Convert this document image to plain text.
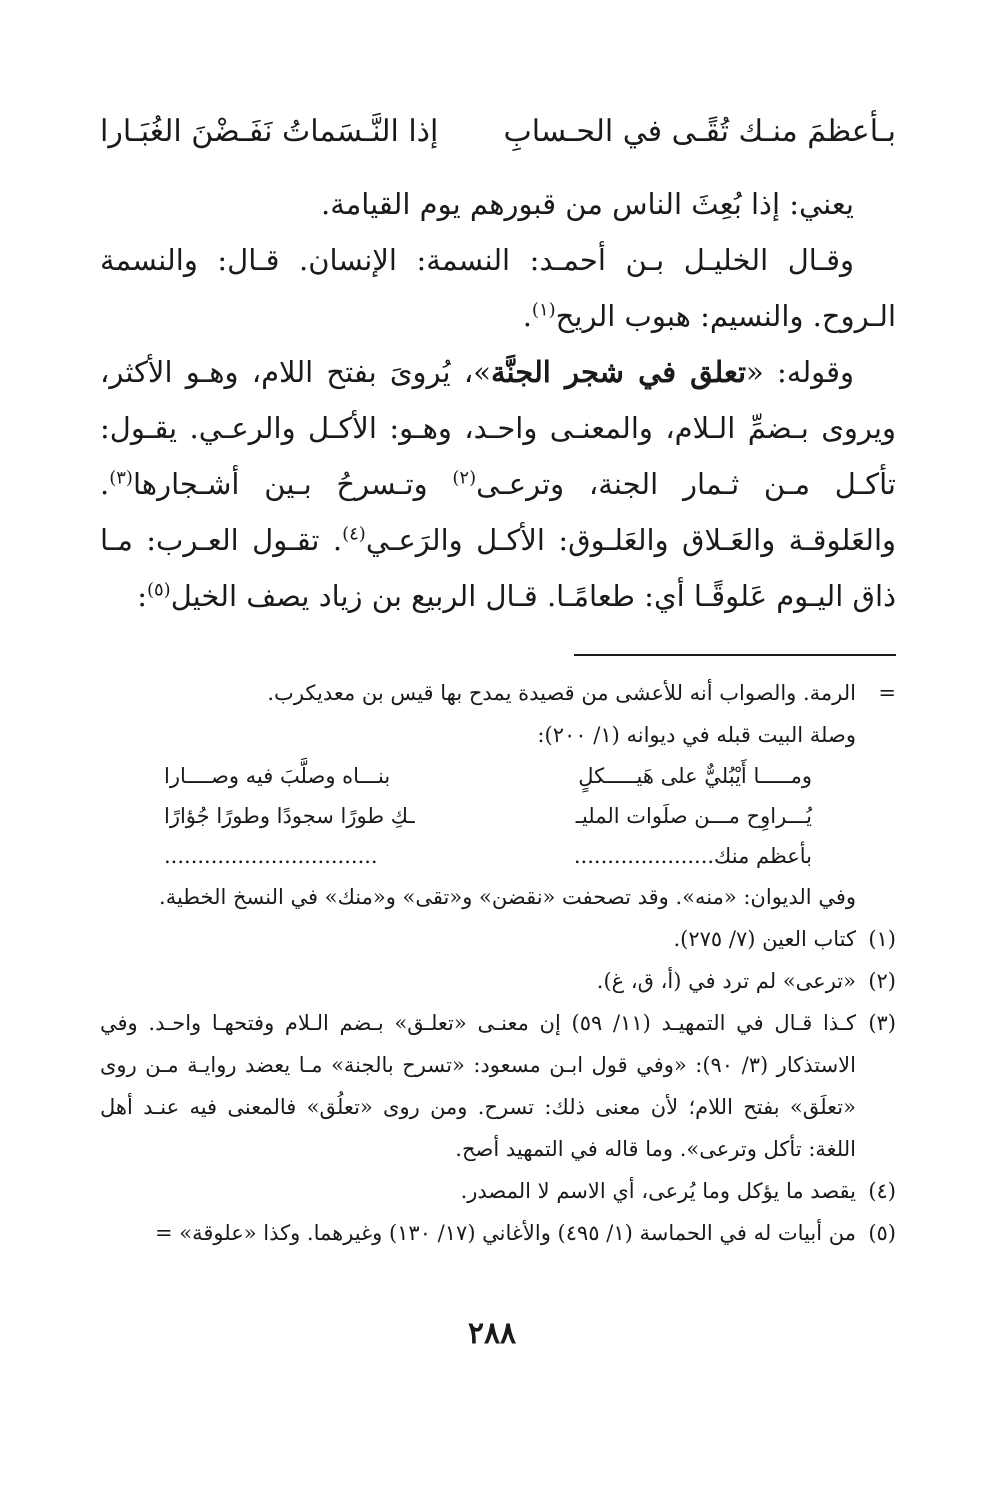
بـأعظمَ منـك تُقًـى في الحـسابِ
إذا النَّـسَماتُ نَفَـضْنَ الغُبَـارا

يعني: إذا بُعِثَ الناس من قبورهم يوم القيامة.

وقـال الخليـل بـن أحمـد: النسمة: الإنسان. قـال: والنسمة الـروح. والنسيم: هبوب الريح$^{(١)}$.

وقوله: «تعلق في شجر الجنَّة»، يُروىَ بفتح اللام، وهـو الأكثر، ويروى بـضمِّ الـلام، والمعنـى واحـد، وهـو: الأكـل والرعـي. يقـول: تأكـل مـن ثـمار الجنة، وترعـى$^{(٢)}$ وتـسرحُ بـين أشـجارها$^{(٣)}$. والعَلوقـة والعَـلاق والعَلـوق: الأكـل والرَعـي$^{(٤)}$. تقـول العـرب: مـا ذاق اليـوم عَلوقًـا أي: طعامًـا. قـال الربيع بن زياد يصف الخيل$^{(٥)}$:

=
الرمة. والصواب أنه للأعشى من قصيدة يمدح بها قيس بن معديكرب.
وصلة البيت قبله في ديوانه (١/ ٢٠٠):
ومـــــا أَيْبُليٌّ على هَيـــــكلٍ
بنـــاه وصلَّبَ فيه وصــــارا
يُـــراوِح مـــن صلَوات المليـ
ـكِ طورًا سجودًا وطورًا جُؤارًا
بأعظم منك.....................
................................
وفي الديوان: «منه». وقد تصحفت «نقضن» و«تقى» و«منك» في النسخ الخطية.
(١)
كتاب العين (٧/ ٢٧٥).
(٢)
«ترعى» لم ترد في (أ، ق، غ).
(٣)
كـذا قـال في التمهيـد (١١/ ٥٩) إن معنـى «تعلـق» بـضم الـلام وفتحهـا واحـد. وفي الاستذكار (٣/ ٩٠): «وفي قول ابـن مسعود: «تسرح بالجنة» مـا يعضد روايـة مـن روى «تعلَق» بفتح اللام؛ لأن معنى ذلك: تسرح. ومن روى «تعلُق» فالمعنى فيه عنـد أهل اللغة: تأكل وترعى». وما قاله في التمهيد أصح.
(٤)
يقصد ما يؤكل وما يُرعى، أي الاسم لا المصدر.
(٥)
من أبيات له في الحماسة (١/ ٤٩٥) والأغاني (١٧/ ١٣٠) وغيرهما. وكذا «علوقة» =
٢٨٨
